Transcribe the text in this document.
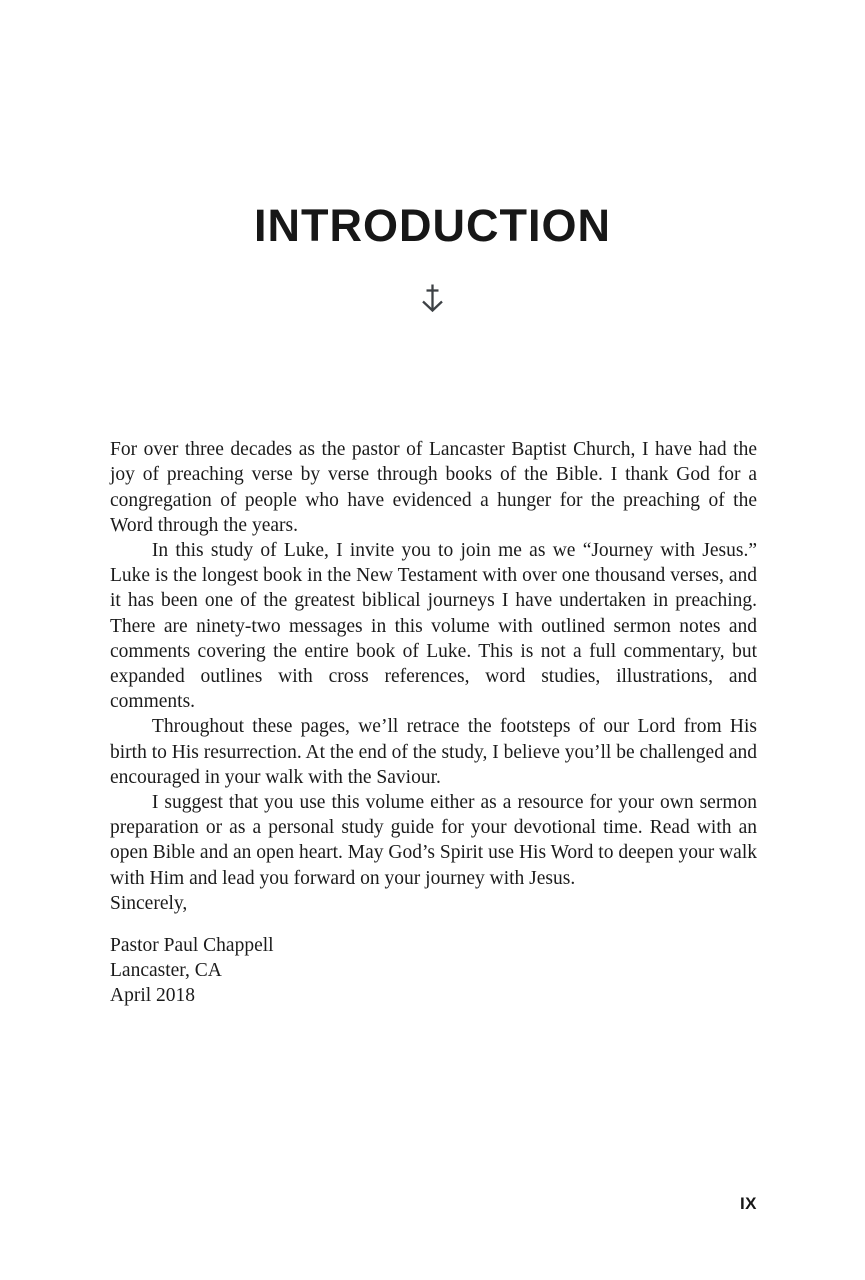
INTRODUCTION

For over three decades as the pastor of Lancaster Baptist Church, I have had the joy of preaching verse by verse through books of the Bible. I thank God for a congregation of people who have evidenced a hunger for the preaching of the Word through the years.

In this study of Luke, I invite you to join me as we “Journey with Jesus.” Luke is the longest book in the New Testament with over one thousand verses, and it has been one of the greatest biblical journeys I have undertaken in preaching. There are ninety-two messages in this volume with outlined sermon notes and comments covering the entire book of Luke. This is not a full commentary, but expanded outlines with cross references, word studies, illustrations, and comments.

Throughout these pages, we’ll retrace the footsteps of our Lord from His birth to His resurrection. At the end of the study, I believe you’ll be challenged and encouraged in your walk with the Saviour.

I suggest that you use this volume either as a resource for your own sermon preparation or as a personal study guide for your devotional time. Read with an open Bible and an open heart. May God’s Spirit use His Word to deepen your walk with Him and lead you forward on your journey with Jesus.

Sincerely,

Pastor Paul Chappell
Lancaster, CA
April 2018
IX
